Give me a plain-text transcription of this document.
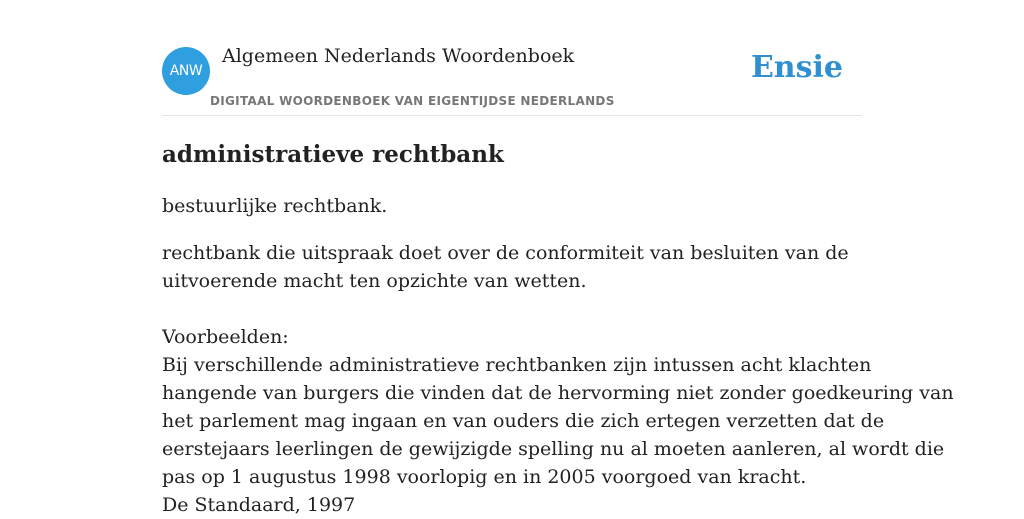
ANW
Algemeen Nederlands Woordenboek
DIGITAAL WOORDENBOEK VAN EIGENTIJDSE NEDERLANDS
Ensie
administratieve rechtbank

bestuurlijke rechtbank.

rechtbank die uitspraak doet over de conformiteit van besluiten van de
uitvoerende macht ten opzichte van wetten.

Voorbeelden:
Bij verschillende administratieve rechtbanken zijn intussen acht klachten
hangende van burgers die vinden dat de hervorming niet zonder goedkeuring van
het parlement mag ingaan en van ouders die zich ertegen verzetten dat de
eerstejaars leerlingen de gewijzigde spelling nu al moeten aanleren, al wordt die
pas op 1 augustus 1998 voorlopig en in 2005 voorgoed van kracht.
De Standaard, 1997
